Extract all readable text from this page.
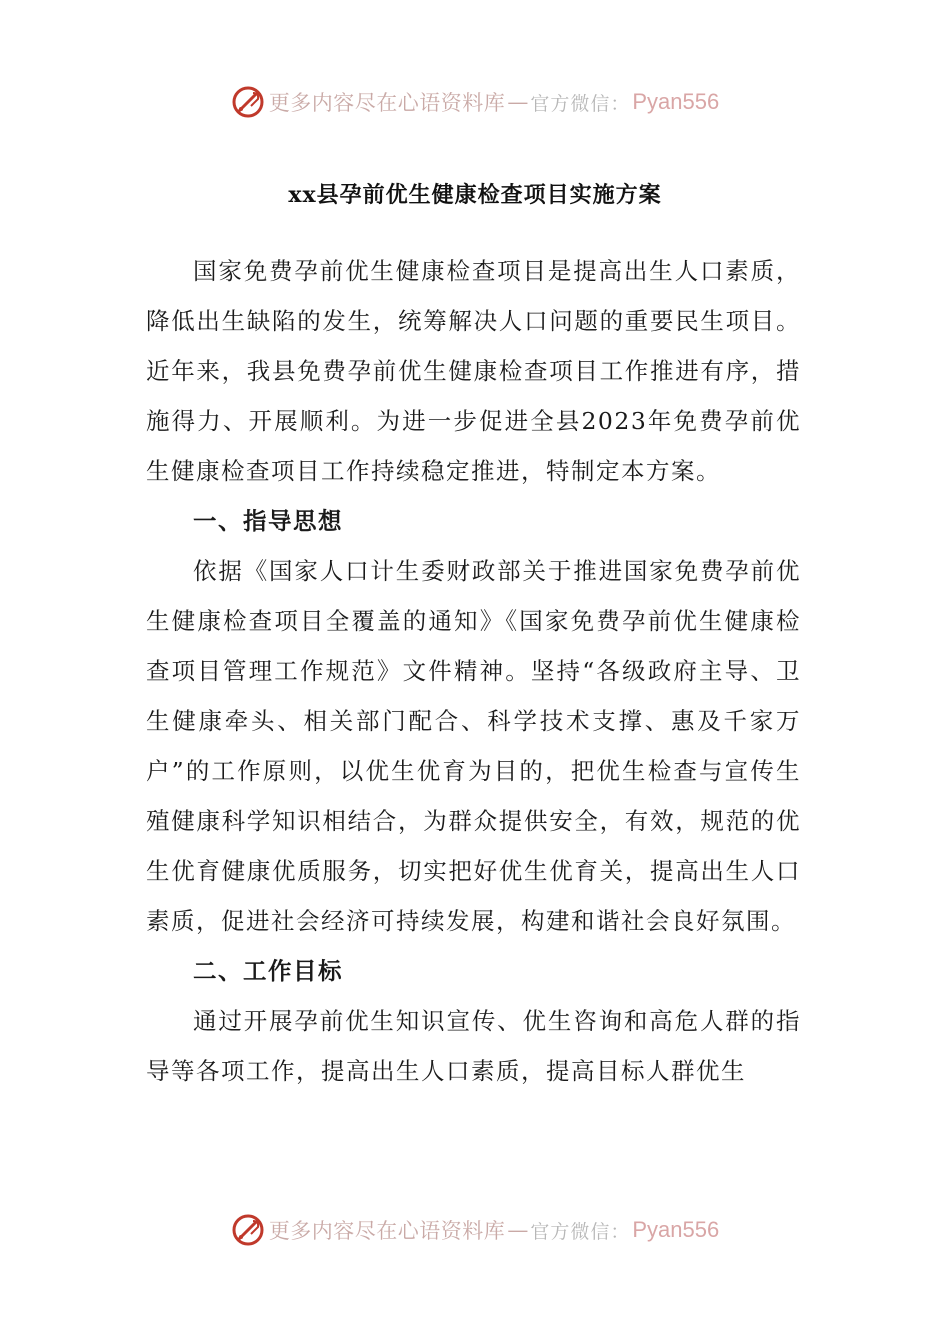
更多内容尽在心语资料库 — 官方微信： Pyan556
xx县孕前优生健康检查项目实施方案

国家免费孕前优生健康检查项目是提高出生人口素质，降低出生缺陷的发生，统筹解决人口问题的重要民生项目。近年来，我县免费孕前优生健康检查项目工作推进有序，措施得力、开展顺利。为进一步促进全县2023年免费孕前优生健康检查项目工作持续稳定推进，特制定本方案。

一、指导思想

依据《国家人口计生委财政部关于推进国家免费孕前优生健康检查项目全覆盖的通知》《国家免费孕前优生健康检查项目管理工作规范》文件精神。坚持“各级政府主导、卫生健康牵头、相关部门配合、科学技术支撑、惠及千家万户”的工作原则，以优生优育为目的，把优生检查与宣传生殖健康科学知识相结合，为群众提供安全，有效，规范的优生优育健康优质服务，切实把好优生优育关，提高出生人口素质，促进社会经济可持续发展，构建和谐社会良好氛围。

二、工作目标

通过开展孕前优生知识宣传、优生咨询和高危人群的指导等各项工作，提高出生人口素质，提高目标人群优生

更多内容尽在心语资料库 — 官方微信： Pyan556
